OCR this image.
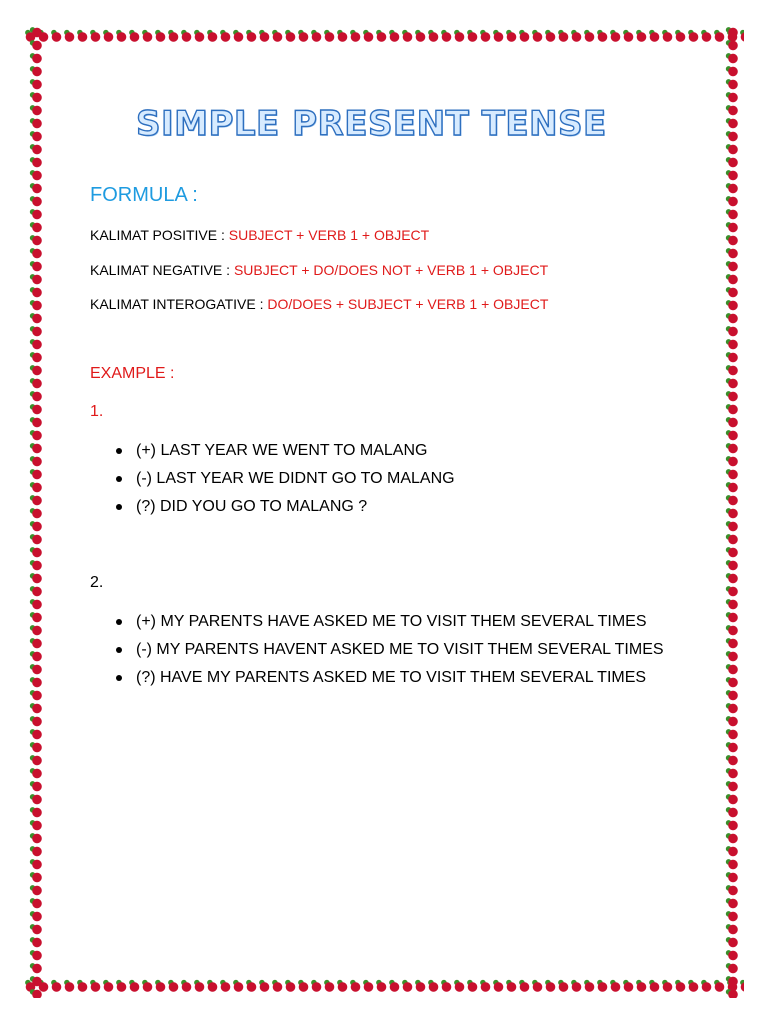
SIMPLE PRESENT TENSE
FORMULA :
KALIMAT POSITIVE : SUBJECT + VERB 1 + OBJECT
KALIMAT NEGATIVE : SUBJECT + DO/DOES NOT + VERB 1 + OBJECT
KALIMAT INTEROGATIVE : DO/DOES + SUBJECT + VERB 1 + OBJECT
EXAMPLE :
1.
(+) LAST YEAR WE WENT TO MALANG
(-) LAST YEAR WE DIDNT GO TO MALANG
(?) DID YOU GO TO MALANG ?
2.
(+) MY PARENTS HAVE ASKED ME TO VISIT THEM SEVERAL TIMES
(-) MY PARENTS HAVENT ASKED ME TO VISIT THEM SEVERAL TIMES
(?) HAVE MY PARENTS ASKED ME TO VISIT THEM SEVERAL TIMES
